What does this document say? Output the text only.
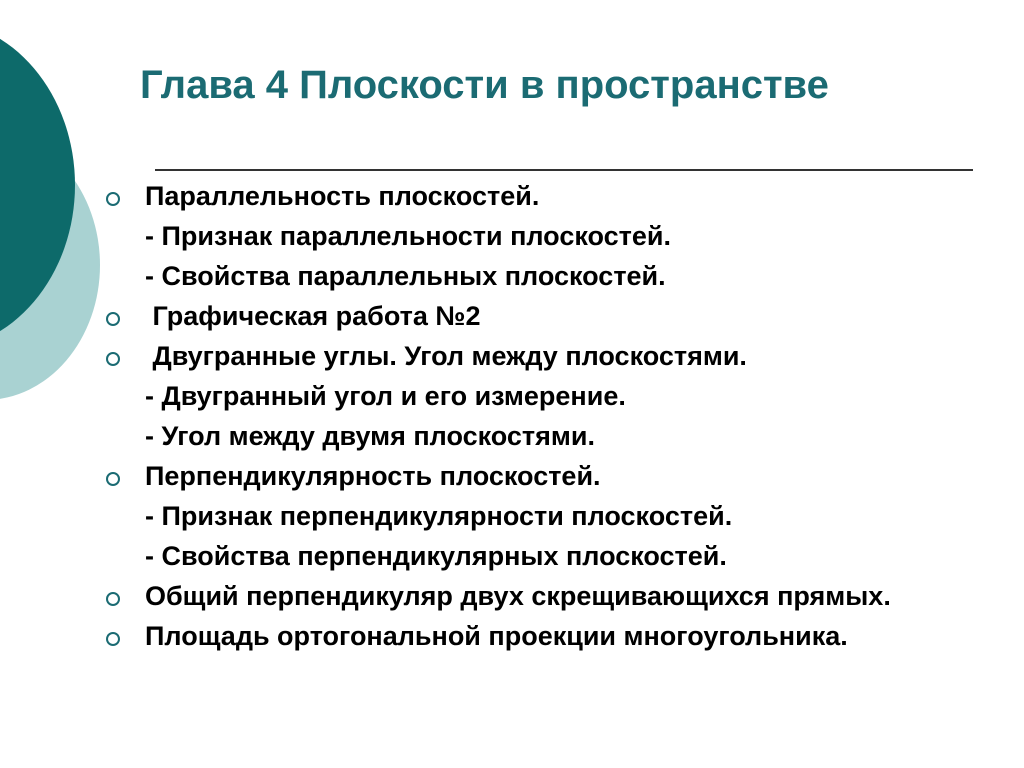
Глава 4 Плоскости в пространстве
Параллельность плоскостей.
- Признак параллельности плоскостей.
- Свойства параллельных плоскостей.
Графическая работа №2
Двугранные углы. Угол между плоскостями.
- Двугранный угол и его измерение.
- Угол между двумя плоскостями.
Перпендикулярность плоскостей.
- Признак перпендикулярности плоскостей.
- Свойства перпендикулярных плоскостей.
Общий перпендикуляр двух скрещивающихся прямых.
Площадь ортогональной проекции многоугольника.
